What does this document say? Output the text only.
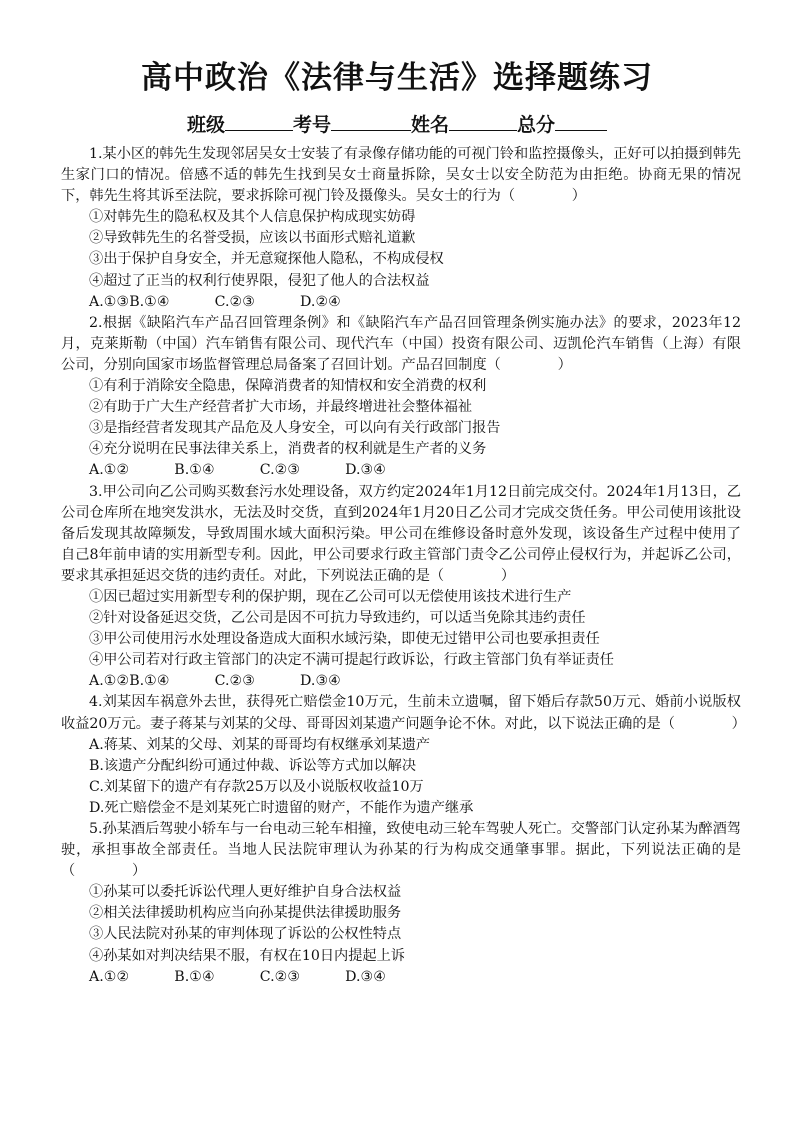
高中政治《法律与生活》选择题练习
班级	考号	姓名	总分

1.某小区的韩先生发现邻居吴女士安装了有录像存储功能的可视门铃和监控摄像头，正好可以拍摄到韩先生家门口的情况。倍感不适的韩先生找到吴女士商量拆除，吴女士以安全防范为由拒绝。协商无果的情况下，韩先生将其诉至法院，要求拆除可视门铃及摄像头。吴女士的行为（　　　　）

①对韩先生的隐私权及其个人信息保护构成现实妨碍

②导致韩先生的名誉受损，应该以书面形式赔礼道歉

③出于保护自身安全，并无意窥探他人隐私，不构成侵权

④超过了正当的权利行使界限，侵犯了他人的合法权益

A.①③B.①④          C.②③          D.②④

2.根据《缺陷汽车产品召回管理条例》和《缺陷汽车产品召回管理条例实施办法》的要求，2023年12月，克莱斯勒（中国）汽车销售有限公司、现代汽车（中国）投资有限公司、迈凯伦汽车销售（上海）有限公司，分别向国家市场监督管理总局备案了召回计划。产品召回制度（　　　　）

①有利于消除安全隐患，保障消费者的知情权和安全消费的权利

②有助于广大生产经营者扩大市场，并最终增进社会整体福祉

③是指经营者发现其产品危及人身安全，可以向有关行政部门报告

④充分说明在民事法律关系上，消费者的权利就是生产者的义务

A.①②          B.①④          C.②③          D.③④

3.甲公司向乙公司购买数套污水处理设备，双方约定2024年1月12日前完成交付。2024年1月13日，乙公司仓库所在地突发洪水，无法及时交货，直到2024年1月20日乙公司才完成交货任务。甲公司使用该批设备后发现其故障频发，导致周围水域大面积污染。甲公司在维修设备时意外发现，该设备生产过程中使用了自己8年前申请的实用新型专利。因此，甲公司要求行政主管部门责令乙公司停止侵权行为，并起诉乙公司，要求其承担延迟交货的违约责任。对此，下列说法正确的是（　　　　）

①因已超过实用新型专利的保护期，现在乙公司可以无偿使用该技术进行生产

②针对设备延迟交货，乙公司是因不可抗力导致违约，可以适当免除其违约责任

③甲公司使用污水处理设备造成大面积水域污染，即使无过错甲公司也要承担责任

④甲公司若对行政主管部门的决定不满可提起行政诉讼，行政主管部门负有举证责任

A.①②B.①④          C.②③          D.③④

4.刘某因车祸意外去世，获得死亡赔偿金10万元，生前未立遗嘱，留下婚后存款50万元、婚前小说版权收益20万元。妻子蒋某与刘某的父母、哥哥因刘某遗产问题争论不休。对此，以下说法正确的是（　　　　）

A.蒋某、刘某的父母、刘某的哥哥均有权继承刘某遗产

B.该遗产分配纠纷可通过仲裁、诉讼等方式加以解决

C.刘某留下的遗产有存款25万以及小说版权收益10万

D.死亡赔偿金不是刘某死亡时遗留的财产，不能作为遗产继承

5.孙某酒后驾驶小轿车与一台电动三轮车相撞，致使电动三轮车驾驶人死亡。交警部门认定孙某为醉酒驾驶，承担事故全部责任。当地人民法院审理认为孙某的行为构成交通肇事罪。据此，下列说法正确的是（　　　　）

①孙某可以委托诉讼代理人更好维护自身合法权益

②相关法律援助机构应当向孙某提供法律援助服务

③人民法院对孙某的审判体现了诉讼的公权性特点

④孙某如对判决结果不服，有权在10日内提起上诉

A.①②          B.①④          C.②③          D.③④
